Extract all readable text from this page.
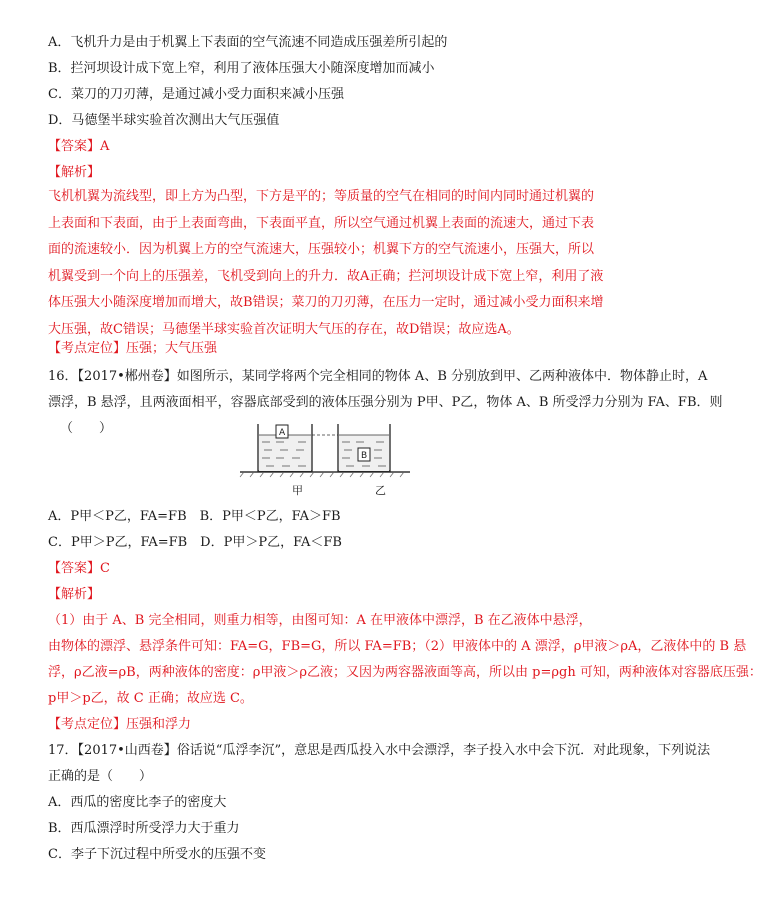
A．飞机升力是由于机翼上下表面的空气流速不同造成压强差所引起的
B．拦河坝设计成下宽上窄，利用了液体压强大小随深度增加而减小
C．菜刀的刀刃薄，是通过减小受力面积来减小压强
D．马德堡半球实验首次测出大气压强值
【答案】A
【解析】
飞机机翼为流线型，即上方为凸型，下方是平的；等质量的空气在相同的时间内同时通过机翼的上表面和下表面，由于上表面弯曲，下表面平直，所以空气通过机翼上表面的流速大，通过下表面的流速较小．因为机翼上方的空气流速大，压强较小；机翼下方的空气流速小，压强大，所以机翼受到一个向上的压强差，飞机受到向上的升力．故A正确；拦河坝设计成下宽上窄，利用了液体压强大小随深度增加而增大，故B错误；菜刀的刀刃薄，在压力一定时，通过减小受力面积来增大压强，故C错误；马德堡半球实验首次证明大气压的存在，故D错误；故应选A。
【考点定位】压强；大气压强
16．【2017•郴州卷】如图所示，某同学将两个完全相同的物体 A、B 分别放到甲、乙两种液体中．物体静止时，A
漂浮，B 悬浮，且两液面相平，容器底部受到的液体压强分别为 P甲、P乙，物体 A、B 所受浮力分别为 FA、FB．则
（　　）	A
B
甲	乙
A．P甲＜P乙，FA=FB　B．P甲＜P乙，FA＞FB
C．P甲＞P乙，FA=FB　D．P甲＞P乙，FA＜FB
【答案】C
【解析】
（1）由于 A、B 完全相同，则重力相等，由图可知：A 在甲液体中漂浮，B 在乙液体中悬浮，
由物体的漂浮、悬浮条件可知：FA=G，FB=G，所以 FA=FB；（2）甲液体中的 A 漂浮，ρ甲液＞ρA，乙液体中的 B 悬
浮，ρ乙液=ρB，两种液体的密度：ρ甲液＞ρ乙液；又因为两容器液面等高，所以由 p=ρgh 可知，两种液体对容器底压强：
p甲＞p乙，故 C 正确；故应选 C。
【考点定位】压强和浮力
17．【2017•山西卷】俗话说“瓜浮李沉”，意思是西瓜投入水中会漂浮，李子投入水中会下沉．对此现象，下列说法
正确的是（　　）
A．西瓜的密度比李子的密度大
B．西瓜漂浮时所受浮力大于重力
C．李子下沉过程中所受水的压强不变
